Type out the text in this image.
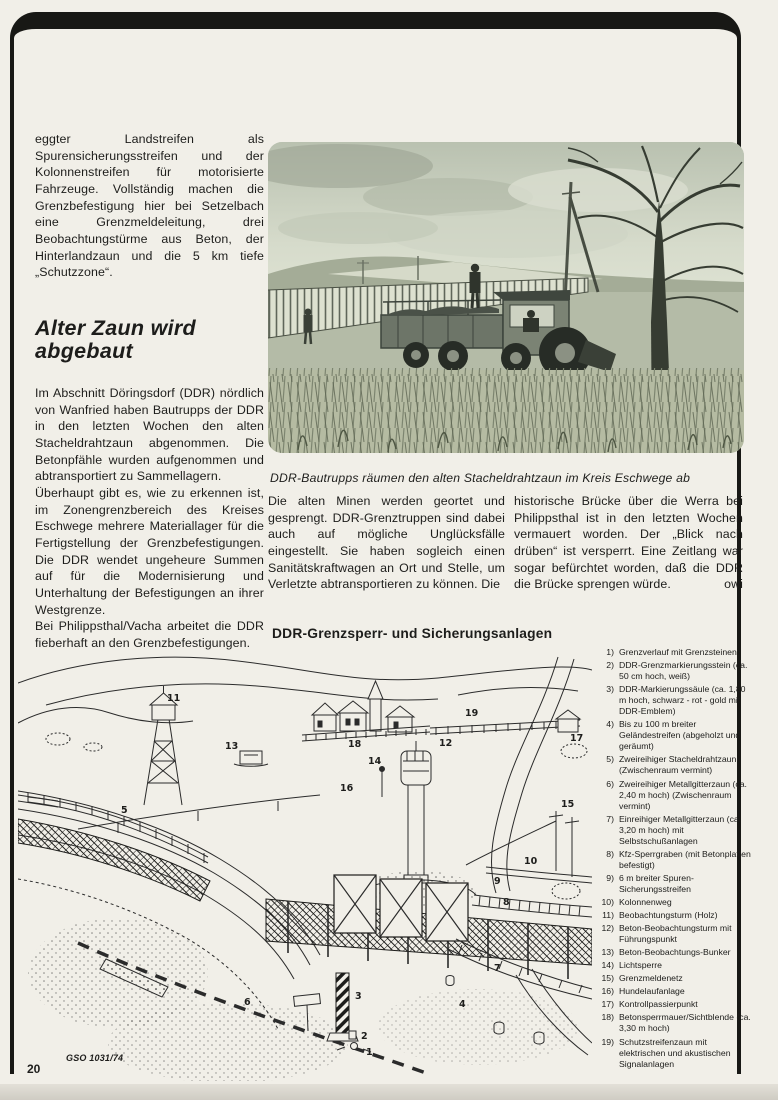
eggter Landstreifen als Spurensicherungsstreifen und der Kolonnenstreifen für motorisierte Fahrzeuge. Vollständig machen die Grenzbefestigung hier bei Setzelbach eine Grenzmeldeleitung, drei Beobachtungstürme aus Beton, der Hinterlandzaun und die 5 km tiefe „Schutzzone“.

Alter Zaun wird abgebaut

Im Abschnitt Döringsdorf (DDR) nördlich von Wanfried haben Bautrupps der DDR in den letzten Wochen den alten Stacheldrahtzaun abgenommen. Die Betonpfähle wurden aufgenommen und abtransportiert zu Sammellagern.

Überhaupt gibt es, wie zu erkennen ist, im Zonengrenzbereich des Kreises Eschwege mehrere Materiallager für die Fertigstellung der Grenzbefestigungen. Die DDR wendet ungeheure Summen auf für die Modernisierung und Unterhaltung der Befestigungen an ihrer Westgrenze.

Bei Philippsthal/Vacha arbeitet die DDR fieberhaft an den Grenzbefestigungen.

DDR-Bautrupps räumen den alten Stacheldrahtzaun im Kreis Eschwege ab

Die alten Minen werden geortet und gesprengt. DDR-Grenztruppen sind dabei auch auf mögliche Unglücksfälle eingestellt. Sie haben sogleich einen Sanitätskraftwagen an Ort und Stelle, um Verletzte abtransportieren zu können. Die

historische Brücke über die Werra bei Philippsthal ist in den letzten Wochen vermauert worden. Der „Blick nach drüben“ ist versperrt. Eine Zeitlang war sogar befürchtet worden, daß die DDR die Brücke sprengen würde.	owi

DDR-Grenzsperr- und Sicherungsanlagen
1
2
3
4
5
6
7
8
9
10
11
12
13
14
15
16
17
18
19
1) Grenzverlauf mit Grenzsteinen
2) DDR-Grenzmarkierungsstein (ca. 50 cm hoch, weiß)
3) DDR-Markierungssäule (ca. 1,80 m hoch, schwarz - rot - gold mit DDR-Emblem)
4) Bis zu 100 m breiter Geländestreifen (abgeholzt und geräumt)
5) Zweireihiger Stacheldrahtzaun (Zwischenraum vermint)
6) Zweireihiger Metallgitterzaun (ca. 2,40 m hoch) (Zwischenraum vermint)
7) Einreihiger Metallgitterzaun (ca. 3,20 m hoch) mit Selbstschußanlagen
8) Kfz-Sperrgraben (mit Betonplatten befestigt)
9) 6 m breiter Spuren-Sicherungsstreifen
10) Kolonnenweg
11) Beobachtungsturm (Holz)
12) Beton-Beobachtungsturm mit Führungspunkt
13) Beton-Beobachtungs-Bunker
14) Lichtsperre
15) Grenzmeldenetz
16) Hundelaufanlage
17) Kontrollpassierpunkt
18) Betonsperrmauer/Sichtblende (ca. 3,30 m hoch)
19) Schutzstreifenzaun mit elektrischen und akustischen Signalanlagen
GSO 1031/74
20
